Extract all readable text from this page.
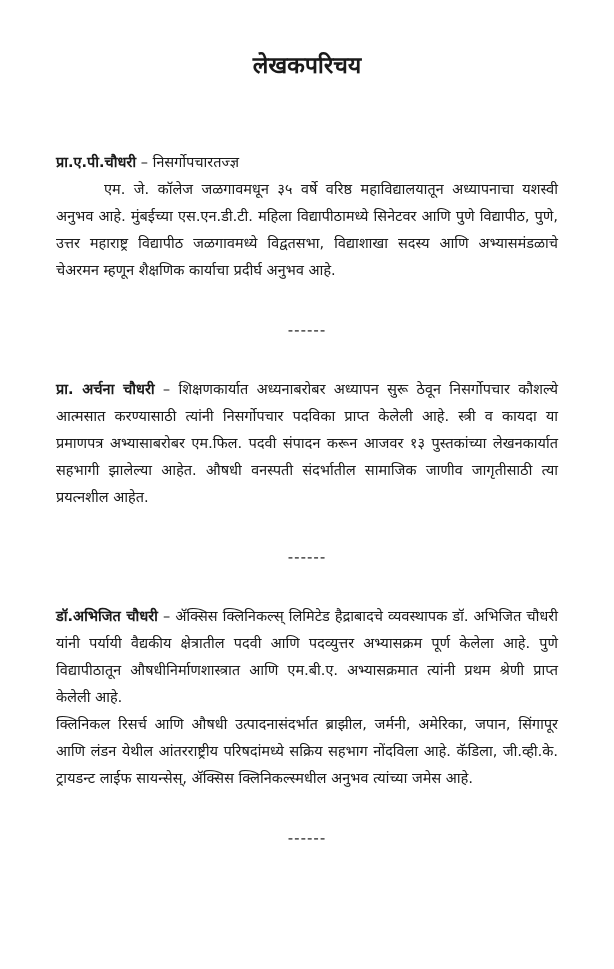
लेखकपरिचय

प्रा.ए.पी.चौधरी – निसर्गोपचारतज्ज्ञ

एम. जे. कॉलेज जळगावमधून ३५ वर्षे वरिष्ठ महाविद्यालयातून अध्यापनाचा यशस्वी अनुभव आहे. मुंबईच्या एस.एन.डी.टी. महिला विद्यापीठामध्ये सिनेटवर आणि पुणे विद्यापीठ, पुणे, उत्तर महाराष्ट्र विद्यापीठ जळगावमध्ये विद्वतसभा, विद्याशाखा सदस्य आणि अभ्यासमंडळाचे चेअरमन म्हणून शैक्षणिक कार्याचा प्रदीर्घ अनुभव आहे.

------

प्रा. अर्चना चौधरी – शिक्षणकार्यात अध्यनाबरोबर अध्यापन सुरू ठेवून निसर्गोपचार कौशल्ये आत्मसात करण्यासाठी त्यांनी निसर्गोपचार पदविका प्राप्त केलेली आहे. स्त्री व कायदा या प्रमाणपत्र अभ्यासाबरोबर एम.फिल. पदवी संपादन करून आजवर १३ पुस्तकांच्या लेखनकार्यात सहभागी झालेल्या आहेत. औषधी वनस्पती संदर्भातील सामाजिक जाणीव जागृतीसाठी त्या प्रयत्नशील आहेत.

------

डॉ.अभिजित चौधरी – ॲक्सिस क्लिनिकल्स् लिमिटेड हैद्राबादचे व्यवस्थापक डॉ. अभिजित चौधरी यांनी पर्यायी वैद्यकीय क्षेत्रातील पदवी आणि पदव्युत्तर अभ्यासक्रम पूर्ण केलेला आहे. पुणे विद्यापीठातून औषधीनिर्माणशास्त्रात आणि एम.बी.ए. अभ्यासक्रमात त्यांनी प्रथम श्रेणी प्राप्त केलेली आहे.

क्लिनिकल रिसर्च आणि औषधी उत्पादनासंदर्भात ब्राझील, जर्मनी, अमेरिका, जपान, सिंगापूर आणि लंडन येथील आंतरराष्ट्रीय परिषदांमध्ये सक्रिय सहभाग नोंदविला आहे. कॅडिला, जी.व्ही.के. ट्रायडन्ट लाईफ सायन्सेस्, ॲक्सिस क्लिनिकल्स्मधील अनुभव त्यांच्या जमेस आहे.

------
